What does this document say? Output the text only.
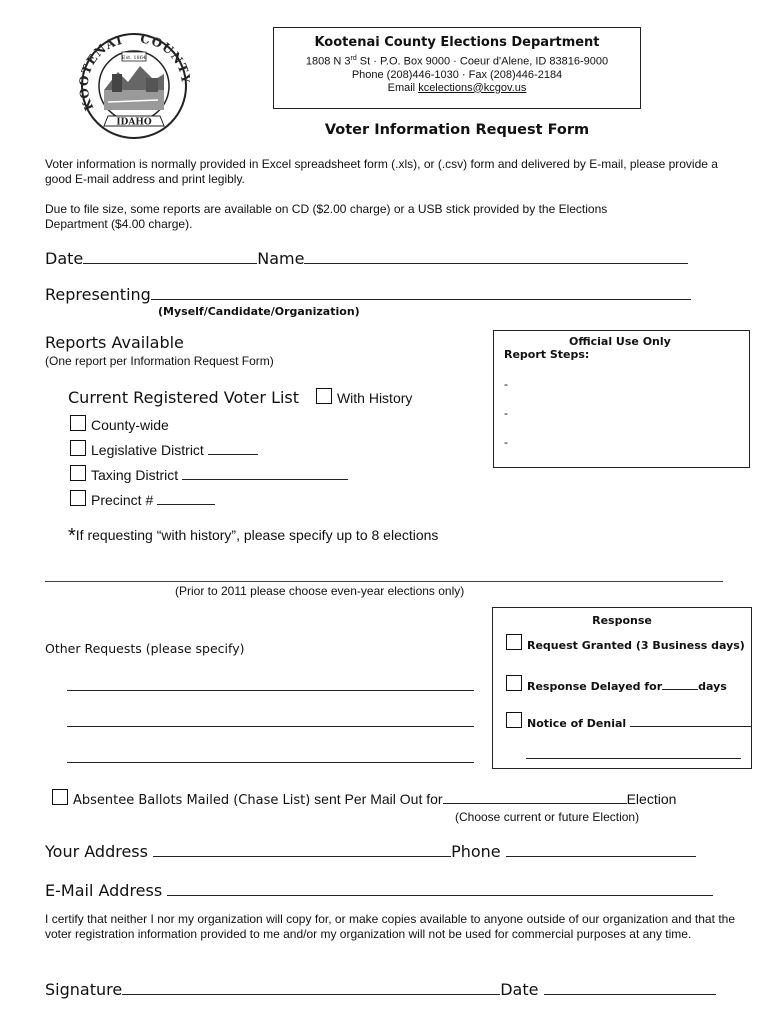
KOOTENAI COUNT
Est. 1864
IDAHO
Kootenai County Elections Department
1808 N 3rd St · P.O. Box 9000 · Coeur d'Alene, ID 83816-9000
Phone (208)446-1030 · Fax (208)446-2184
Email kcelections@kcgov.us
Voter Information Request Form
Voter information is normally provided in Excel spreadsheet form (.xls), or (.csv) form and delivered by E-mail, please provide a good E-mail address and print legibly.
Due to file size, some reports are available on CD ($2.00 charge) or a USB stick provided by the Elections Department ($4.00 charge).
Date	Name
Representing
(Myself/Candidate/Organization)
Reports Available
(One report per Information Request Form)
Current Registered Voter List	With History
County-wide
Legislative District
Taxing District
Precinct #
Official Use Only
Report Steps:
-
-
-
*If requesting “with history”, please specify up to 8 elections
(Prior to 2011 please choose even-year elections only)
Other Requests (please specify)
Response
Request Granted (3 Business days)
Response Delayed for	days
Notice of Denial
Absentee Ballots Mailed (Chase List) sent Per Mail Out for	Election
(Choose current or future Election)
Your Address	Phone
E-Mail Address
I certify that neither I nor my organization will copy for, or make copies available to anyone outside of our organization and that the voter registration information provided to me and/or my organization will not be used for commercial purposes at any time.
Signature	Date
